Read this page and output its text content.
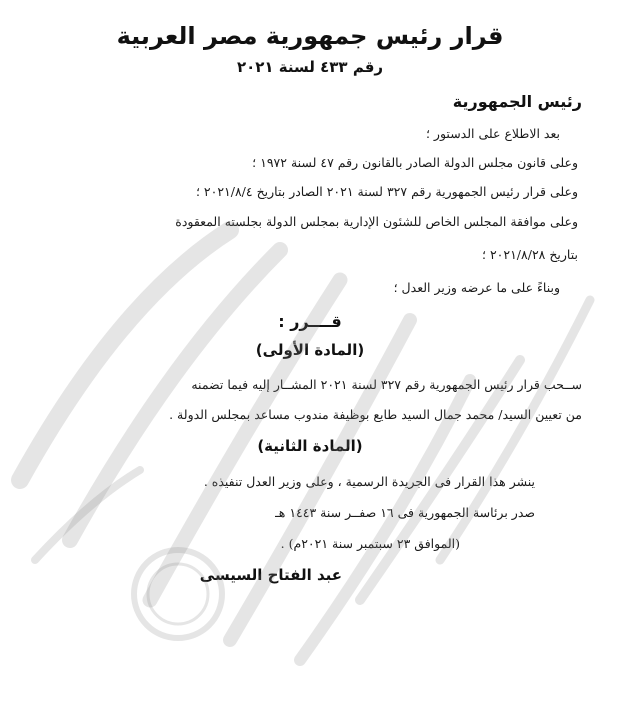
قرار رئيس جمهورية مصر العربية
رقم ٤٣٣ لسنة ٢٠٢١
رئيس الجمهورية
بعد الاطلاع على الدستور ؛
وعلى قانون مجلس الدولة الصادر بالقانون رقم ٤٧ لسنة ١٩٧٢ ؛
وعلى قرار رئيس الجمهورية رقم ٣٢٧ لسنة ٢٠٢١ الصادر بتاريخ ٢٠٢١/٨/٤ ؛
وعلى موافقة المجلس الخاص للشئون الإدارية بمجلس الدولة بجلسته المعقودة
بتاريخ ٢٠٢١/٨/٢٨ ؛
وبناءً على ما عرضه وزير العدل ؛
قــــرر :
(المادة الأولى)
ســحب قرار رئيس الجمهورية رقم ٣٢٧ لسنة ٢٠٢١ المشــار إليه فيما تضمنه
من تعيين السيد/ محمد جمال السيد طايع بوظيفة مندوب مساعد بمجلس الدولة .
(المادة الثانية)
ينشر هذا القرار فى الجريدة الرسمية ، وعلى وزير العدل تنفيذه .
صدر برئاسة الجمهورية فى ١٦ صفــر سنة ١٤٤٣ هـ
(الموافق ٢٣ سبتمبر سنة ٢٠٢١م) .
عبد الفتاح السيسى
